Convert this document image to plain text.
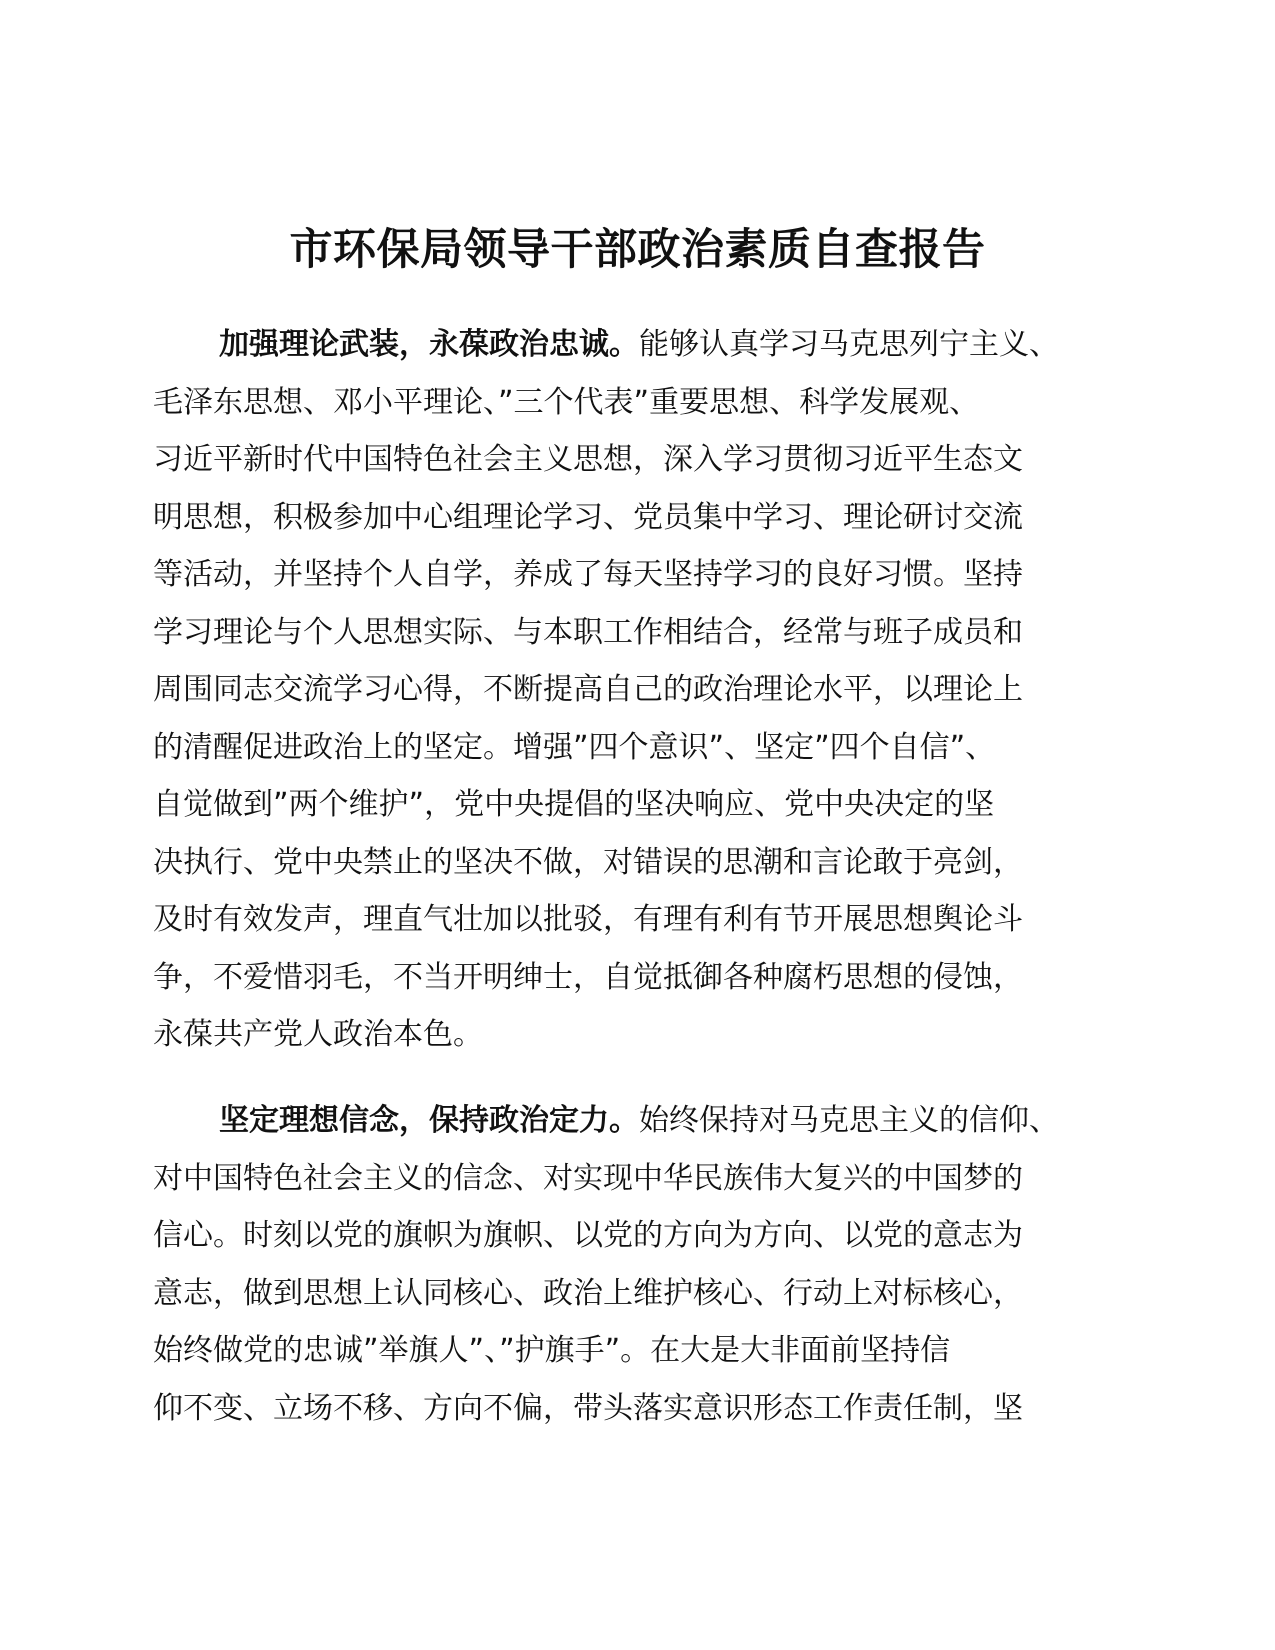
市环保局领导干部政治素质自查报告
加强理论武装，永葆政治忠诚。能够认真学习马克思列宁主义、
毛泽东思想、邓小平理论、”三个代表”重要思想、科学发展观、
习近平新时代中国特色社会主义思想，深入学习贯彻习近平生态文
明思想，积极参加中心组理论学习、党员集中学习、理论研讨交流
等活动，并坚持个人自学，养成了每天坚持学习的良好习惯。坚持
学习理论与个人思想实际、与本职工作相结合，经常与班子成员和
周围同志交流学习心得，不断提高自己的政治理论水平，以理论上
的清醒促进政治上的坚定。增强”四个意识”、坚定”四个自信”、
自觉做到”两个维护”，党中央提倡的坚决响应、党中央决定的坚
决执行、党中央禁止的坚决不做，对错误的思潮和言论敢于亮剑，
及时有效发声，理直气壮加以批驳，有理有利有节开展思想舆论斗
争，不爱惜羽毛，不当开明绅士，自觉抵御各种腐朽思想的侵蚀，
永葆共产党人政治本色。
坚定理想信念，保持政治定力。始终保持对马克思主义的信仰、
对中国特色社会主义的信念、对实现中华民族伟大复兴的中国梦的
信心。时刻以党的旗帜为旗帜、以党的方向为方向、以党的意志为
意志，做到思想上认同核心、政治上维护核心、行动上对标核心，
始终做党的忠诚”举旗人”、”护旗手”。在大是大非面前坚持信
仰不变、立场不移、方向不偏，带头落实意识形态工作责任制，坚
